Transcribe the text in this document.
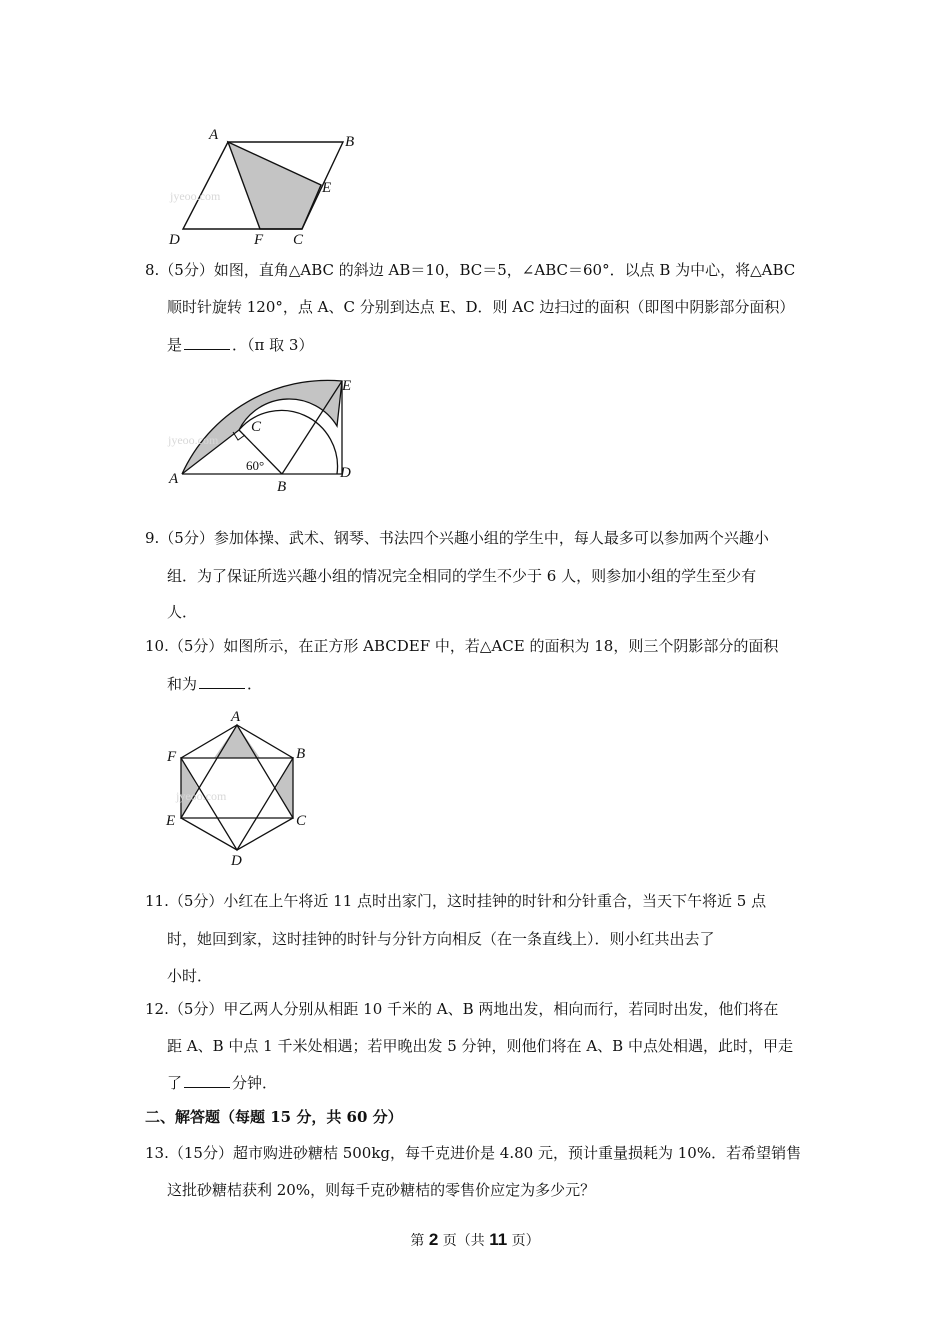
jyeoo.com
A	B
E
D	F C
8.（5分）如图，直角△ABC 的斜边 AB＝10，BC＝5，∠ABC＝60°．以点 B 为中心，将△ABC
顺时针旋转 120°，点 A、C 分别到达点 E、D．则 AC 边扫过的面积（即图中阴影部分面积）
是	．（π 取 3）
jyeoo.com
A	B
C
D
E
60°
9.（5分）参加体操、武术、钢琴、书法四个兴趣小组的学生中，每人最多可以参加两个兴趣小
组．为了保证所选兴趣小组的情况完全相同的学生不少于 6 人，则参加小组的学生至少有
人．
10.（5分）如图所示，在正方形 ABCDEF 中，若△ACE 的面积为 18，则三个阴影部分的面积
和为	．
jyeoo.com
A
B
C
D
E
F
11.（5分）小红在上午将近 11 点时出家门，这时挂钟的时针和分针重合，当天下午将近 5 点
时，她回到家，这时挂钟的时针与分针方向相反（在一条直线上）．则小红共出去了
小时．
12.（5分）甲乙两人分别从相距 10 千米的 A、B 两地出发，相向而行，若同时出发，他们将在
距 A、B 中点 1 千米处相遇；若甲晚出发 5 分钟，则他们将在 A、B 中点处相遇，此时，甲走
了	分钟．
二、解答题（每题 15 分，共 60 分）
13.（15分）超市购进砂糖桔 500kg，每千克进价是 4.80 元，预计重量损耗为 10%．若希望销售
这批砂糖桔获利 20%，则每千克砂糖桔的零售价应定为多少元？
第 2 页（共 11 页）
